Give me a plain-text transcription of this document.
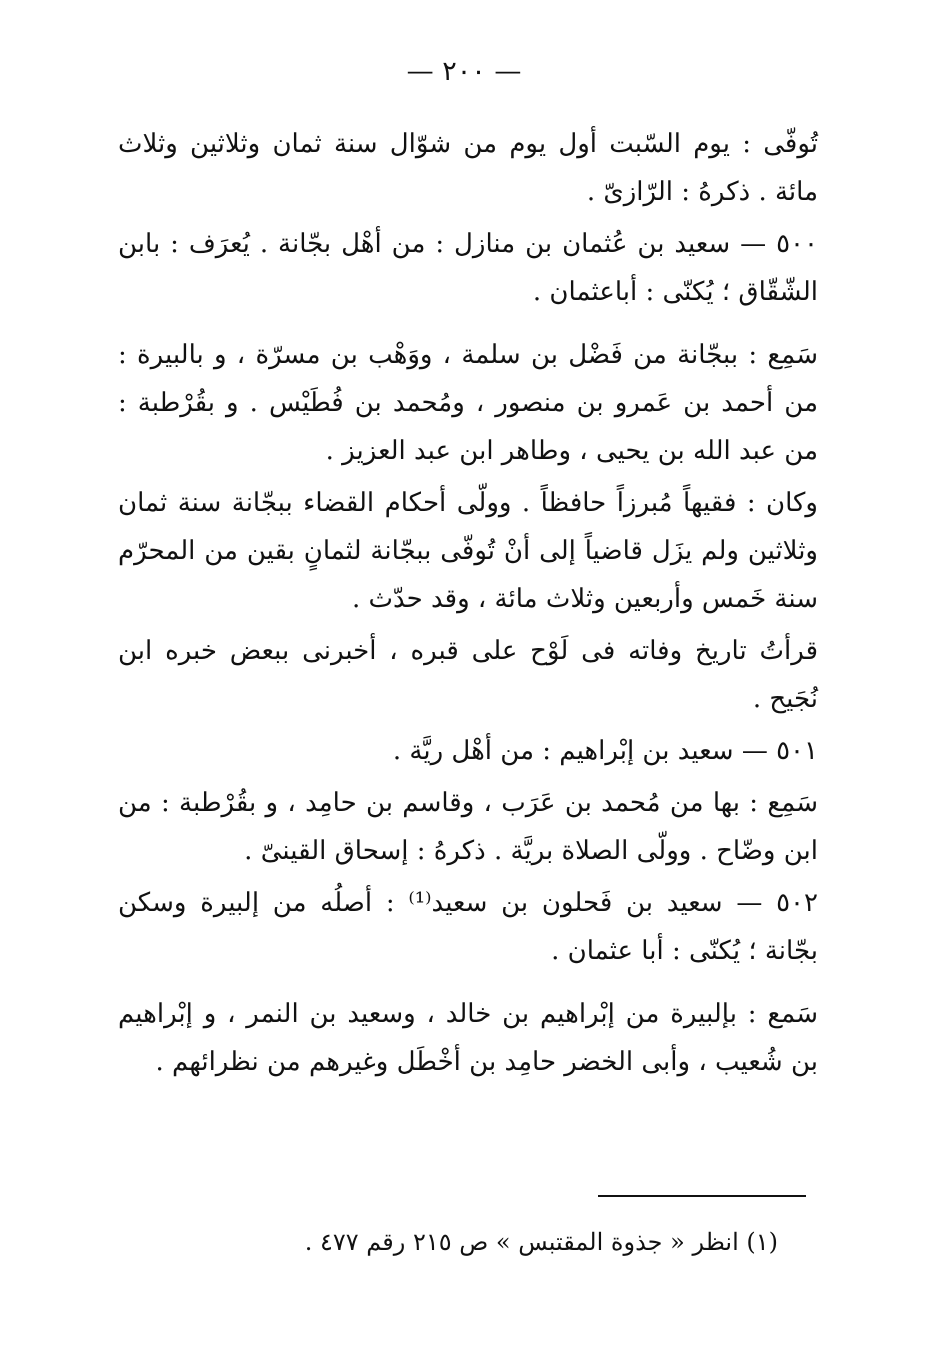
— ٢٠٠ —

تُوفّى : يوم السّبت أول يوم من شوّال سنة ثمان وثلاثين وثلاث مائة . ذكرهُ : الرّازىّ .

٥٠٠ — سعيد بن عُثمان بن منازل : من أهْل بجّانة . يُعرَف : بابن الشّقّاق ؛ يُكنّى : أباعثمان .

سَمِع : ببجّانة من فَضْل بن سلمة ، ووَهْب بن مسرّة ، و بالبيرة : من أحمد بن عَمرو بن منصور ، ومُحمد بن فُطَيْس . و بقُرْطبة : من عبد الله بن يحيى ، وطاهر ابن عبد العزيز .

وكان : فقيهاً مُبرزاً حافظاً . وولّى أحكام القضاء ببجّانة سنة ثمان وثلاثين ولم يزَل قاضياً إلى أنْ تُوفّى ببجّانة لثمانٍ بقين من المحرّم سنة خَمس وأربعين وثلاث مائة ، وقد حدّث .

قرأتُ تاريخ وفاته فى لَوْح على قبره ، أخبرنى ببعض خبره ابن نُجَيح .

٥٠١ — سعيد بن إبْراهيم : من أهْل ريَّة .

سَمِع : بها من مُحمد بن عَرَب ، وقاسم بن حامِد ، و بقُرْطبة : من ابن وضّاح . وولّى الصلاة بريَّة . ذكرهُ : إسحاق القينىّ .

٥٠٢ — سعيد بن فَحلون بن سعيد⁽¹⁾ : أصلُه من إلبيرة وسكن بجّانة ؛ يُكنّى : أبا عثمان .

سَمع : بإلبيرة من إبْراهيم بن خالد ، وسعيد بن النمر ، و إبْراهيم بن شُعيب ، وأبى الخضر حامِد بن أخْطَل وغيرهم من نظرائهم .

(١) انظر « جذوة المقتبس » ص ٢١٥ رقم ٤٧٧ .
